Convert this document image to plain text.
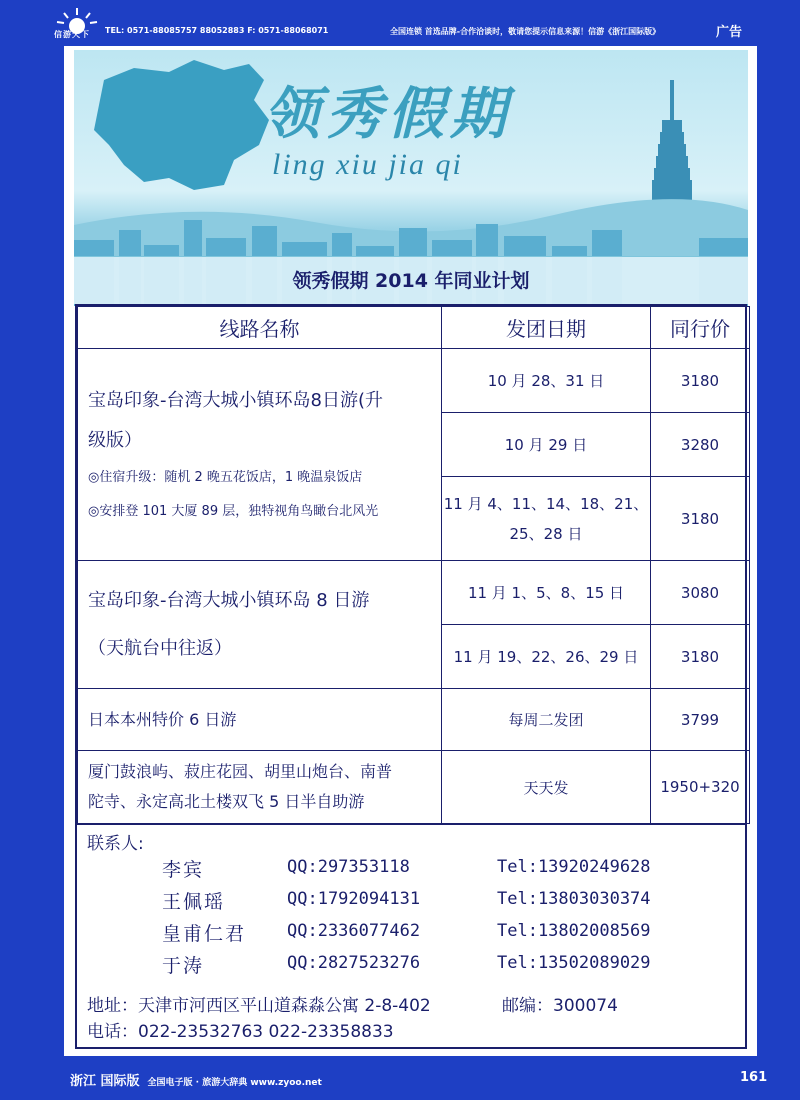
信游天下 TEL: 0571-88085757 88052883 F: 0571-88068071	全国连锁 首选品牌-合作洽谈时，敬请您提示信息来源！信游《浙江国际版》	广告
领秀假期
ling xiu jia qi
领秀假期 2014 年同业计划
线路名称	发团日期	同行价

宝岛印象-台湾大城小镇环岛8日游(升
级版）
◎住宿升级：随机 2 晚五花饭店，1 晚温泉饭店
◎安排登 101 大厦 89 层，独特视角鸟瞰台北风光	10 月 28、31 日	3180
	10 月 29 日	3280
	11 月 4、11、14、18、21、 25、28 日	3180

宝岛印象-台湾大城小镇环岛 8 日游
（天航台中往返）	11 月 1、5、8、15 日	3080
	11 月 19、22、26、29 日	3180
日本本州特价 6 日游	每周二发团	3799

厦门鼓浪屿、菽庄花园、胡里山炮台、南普
陀寺、永定高北土楼双飞 5 日半自助游	天天发	1950+320
联系人:
李宾	QQ:297353118	Tel:13920249628
王佩瑶	QQ:1792094131	Tel:13803030374
皇甫仁君 QQ:2336077462	Tel:13802008569
于涛	QQ:2827523276	Tel:13502089029
地址：天津市河西区平山道森淼公寓 2-8-402	邮编：300074
电话：022-23532763 022-23358833
浙江 国际版 全国电子版 · 旅游大辞典 www.zyoo.net	161
